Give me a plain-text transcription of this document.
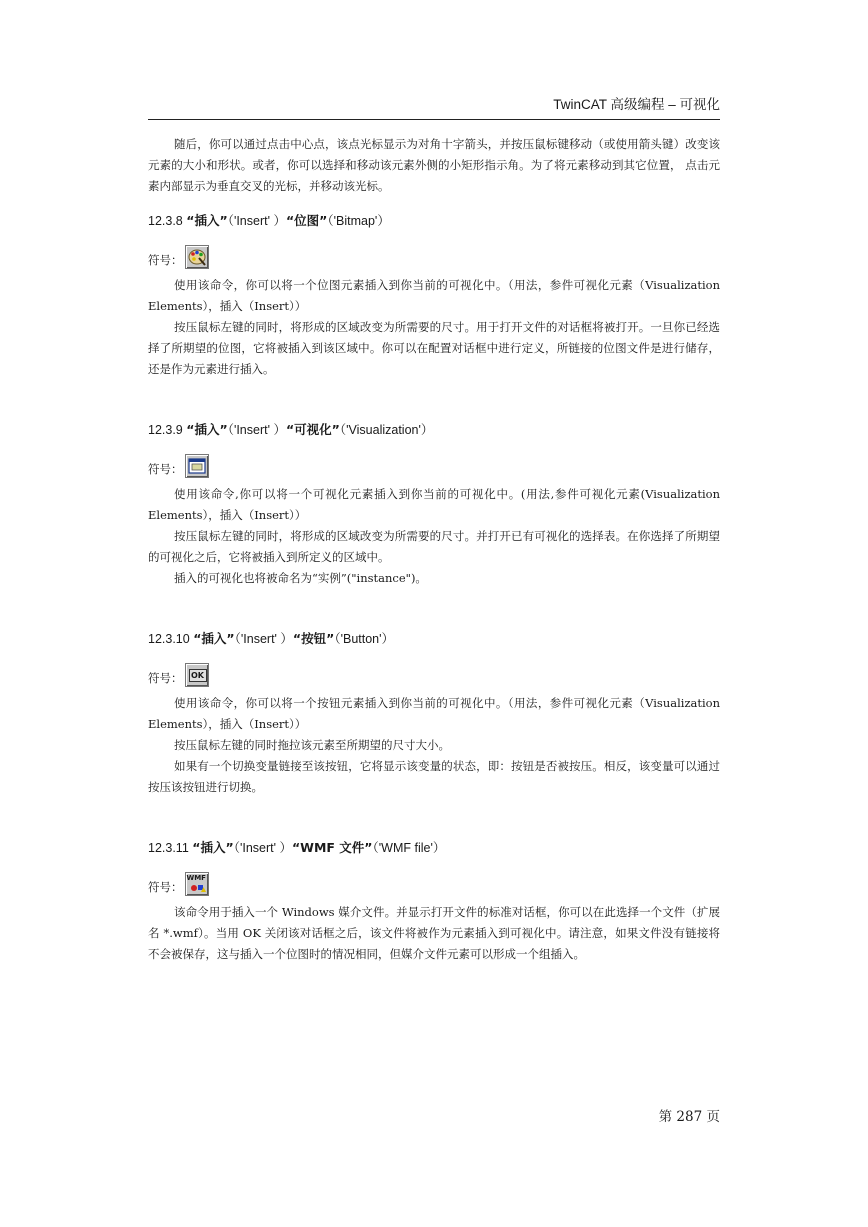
TwinCAT 高级编程 – 可视化

随后，你可以通过点击中心点，该点光标显示为对角十字箭头，并按压鼠标键移动（或使用箭头键）改变该元素的大小和形状。或者，你可以选择和移动该元素外侧的小矩形指示角。为了将元素移动到其它位置， 点击元素内部显示为垂直交叉的光标，并移动该光标。

12.3.8 “插入”（'Insert' ）“位图”（'Bitmap'）
符号：

使用该命令，你可以将一个位图元素插入到你当前的可视化中。（用法，参件可视化元素（Visualization Elements），插入（Insert））

按压鼠标左键的同时，将形成的区域改变为所需要的尺寸。用于打开文件的对话框将被打开。一旦你已经选择了所期望的位图，它将被插入到该区域中。你可以在配置对话框中进行定义，所链接的位图文件是进行储存，还是作为元素进行插入。

12.3.9 “插入”（'Insert' ）“可视化”（'Visualization'）
符号：

使用该命令,你可以将一个可视化元素插入到你当前的可视化中。(用法,参件可视化元素(Visualization Elements），插入（Insert））

按压鼠标左键的同时，将形成的区域改变为所需要的尺寸。并打开已有可视化的选择表。在你选择了所期望的可视化之后，它将被插入到所定义的区域中。

插入的可视化也将被命名为“实例”("instance")。

12.3.10 “插入”（'Insert' ）“按钮”（'Button'）
符号：	OK

使用该命令，你可以将一个按钮元素插入到你当前的可视化中。（用法，参件可视化元素（Visualization Elements），插入（Insert））

按压鼠标左键的同时拖拉该元素至所期望的尺寸大小。

如果有一个切换变量链接至该按钮，它将显示该变量的状态，即：按钮是否被按压。相反，该变量可以通过按压该按钮进行切换。

12.3.11 “插入”（'Insert' ）“WMF 文件”（'WMF file'）
符号：
WMF

该命令用于插入一个 Windows 媒介文件。并显示打开文件的标准对话框，你可以在此选择一个文件（扩展名 *.wmf）。当用 OK 关闭该对话框之后，该文件将被作为元素插入到可视化中。请注意，如果文件没有链接将不会被保存，这与插入一个位图时的情况相同，但媒介文件元素可以形成一个组插入。

第 287 页
